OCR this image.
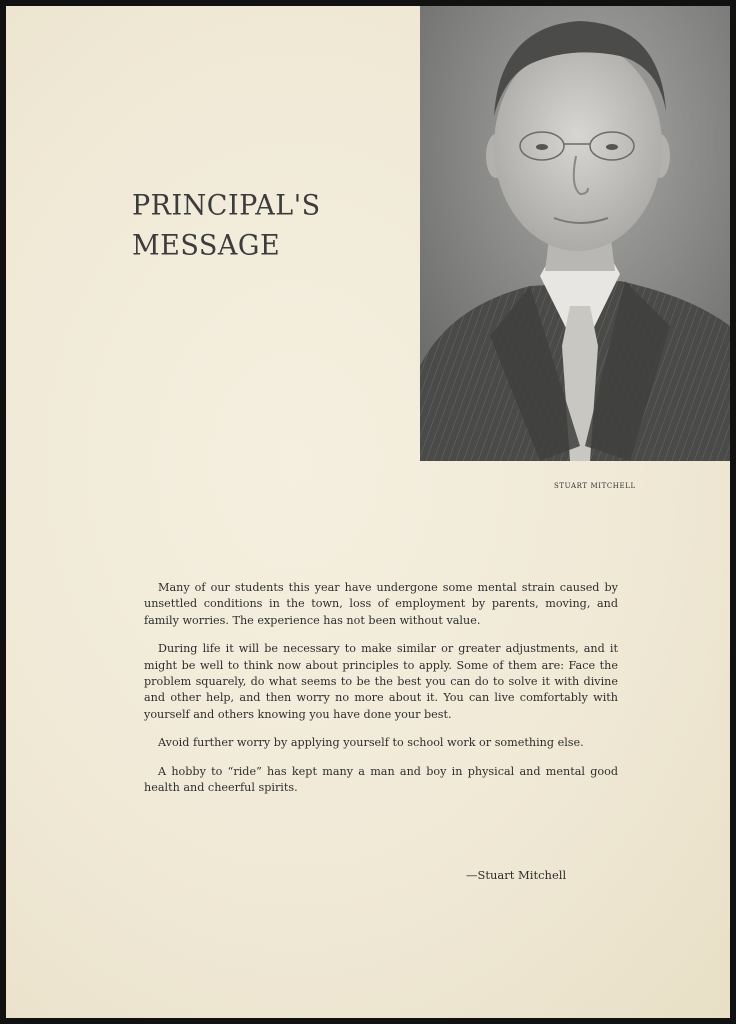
PRINCIPAL'S
MESSAGE
STUART MITCHELL

Many of our students this year have undergone some mental strain caused by unsettled conditions in the town, loss of employment by parents, moving, and family worries. The experience has not been without value.

During life it will be necessary to make similar or greater adjustments, and it might be well to think now about principles to apply. Some of them are: Face the problem squarely, do what seems to be the best you can do to solve it with divine and other help, and then worry no more about it. You can live comfortably with yourself and others knowing you have done your best.

Avoid further worry by applying yourself to school work or something else.

A hobby to “ride” has kept many a man and boy in physical and mental good health and cheerful spirits.

—Stuart Mitchell
